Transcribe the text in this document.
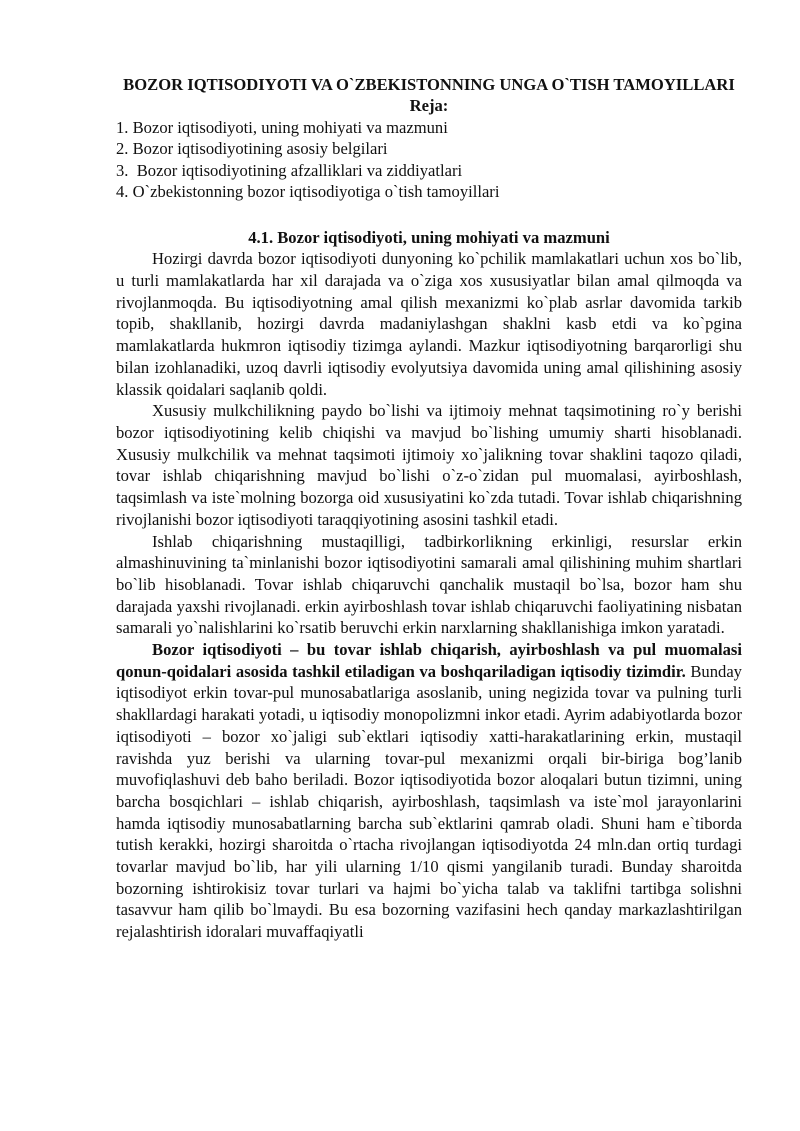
BOZOR IQTISODIYOTI VA O`ZBEKISTONNING UNGA O`TISH TAMOYILLARI
Reja:
1. Bozor iqtisodiyoti, uning mohiyati va mazmuni
2. Bozor iqtisodiyotining asosiy belgilari
3.  Bozor iqtisodiyotining afzalliklari va ziddiyatlari
4. O`zbekistonning bozor iqtisodiyotiga o`tish tamoyillari
4.1. Bozor iqtisodiyoti, uning mohiyati va mazmuni

Hozirgi davrda bozor iqtisodiyoti dunyoning ko`pchilik mamlakatlari uchun xos bo`lib, u turli mamlakatlarda har xil darajada va o`ziga xos xususiyatlar bilan amal qilmoqda va rivojlanmoqda. Bu iqtisodiyotning amal qilish mexanizmi ko`plab asrlar davomida tarkib topib, shakllanib, hozirgi davrda madaniylashgan shaklni kasb etdi va ko`pgina mamlakatlarda hukmron iqtisodiy tizimga aylandi. Mazkur iqtisodiyotning barqarorligi shu bilan izohlanadiki, uzoq davrli iqtisodiy evolyutsiya davomida uning amal qilishining asosiy klassik qoidalari saqlanib qoldi.

Xususiy mulkchilikning paydo bo`lishi va ijtimoiy mehnat taqsimotining ro`y berishi bozor iqtisodiyotining kelib chiqishi va mavjud bo`lishing umumiy sharti hisoblanadi. Xususiy mulkchilik va mehnat taqsimoti ijtimoiy xo`jalikning tovar shaklini taqozo qiladi, tovar ishlab chiqarishning mavjud bo`lishi o`z-o`zidan pul muomalasi, ayirboshlash, taqsimlash va iste`molning bozorga oid xususiyatini ko`zda tutadi. Tovar ishlab chiqarishning rivojlanishi bozor iqtisodiyoti taraqqiyotining asosini tashkil etadi.

Ishlab chiqarishning mustaqilligi, tadbirkorlikning erkinligi, resurslar erkin almashinuvining ta`minlanishi bozor iqtisodiyotini samarali amal qilishining muhim shartlari bo`lib hisoblanadi. Tovar ishlab chiqaruvchi qanchalik mustaqil bo`lsa, bozor ham shu darajada yaxshi rivojlanadi. erkin ayirboshlash tovar ishlab chiqaruvchi faoliyatining nisbatan samarali yo`nalishlarini ko`rsatib beruvchi erkin narxlarning shakllanishiga imkon yaratadi.

Bozor iqtisodiyoti – bu tovar ishlab chiqarish, ayirboshlash va pul muomalasi qonun-qoidalari asosida tashkil etiladigan va boshqariladigan iqtisodiy tizimdir. Bunday iqtisodiyot erkin tovar-pul munosabatlariga asoslanib, uning negizida tovar va pulning turli shakllardagi harakati yotadi, u iqtisodiy monopolizmni inkor etadi. Ayrim adabiyotlarda bozor iqtisodiyoti – bozor xo`jaligi sub`ektlari iqtisodiy xatti-harakatlarining erkin, mustaqil ravishda yuz berishi va ularning tovar-pul mexanizmi orqali bir-biriga bog’lanib muvofiqlashuvi deb baho beriladi. Bozor iqtisodiyotida bozor aloqalari butun tizimni, uning barcha bosqichlari – ishlab chiqarish, ayirboshlash, taqsimlash va iste`mol jarayonlarini hamda iqtisodiy munosabatlarning barcha sub`ektlarini qamrab oladi. Shuni ham e`tiborda tutish kerakki, hozirgi sharoitda o`rtacha rivojlangan iqtisodiyotda 24 mln.dan ortiq turdagi tovarlar mavjud bo`lib, har yili ularning 1/10 qismi yangilanib turadi. Bunday sharoitda bozorning ishtirokisiz tovar turlari va hajmi bo`yicha talab va taklifni tartibga solishni tasavvur ham qilib bo`lmaydi. Bu esa bozorning vazifasini hech qanday markazlashtirilgan rejalashtirish idoralari muvaffaqiyatli
